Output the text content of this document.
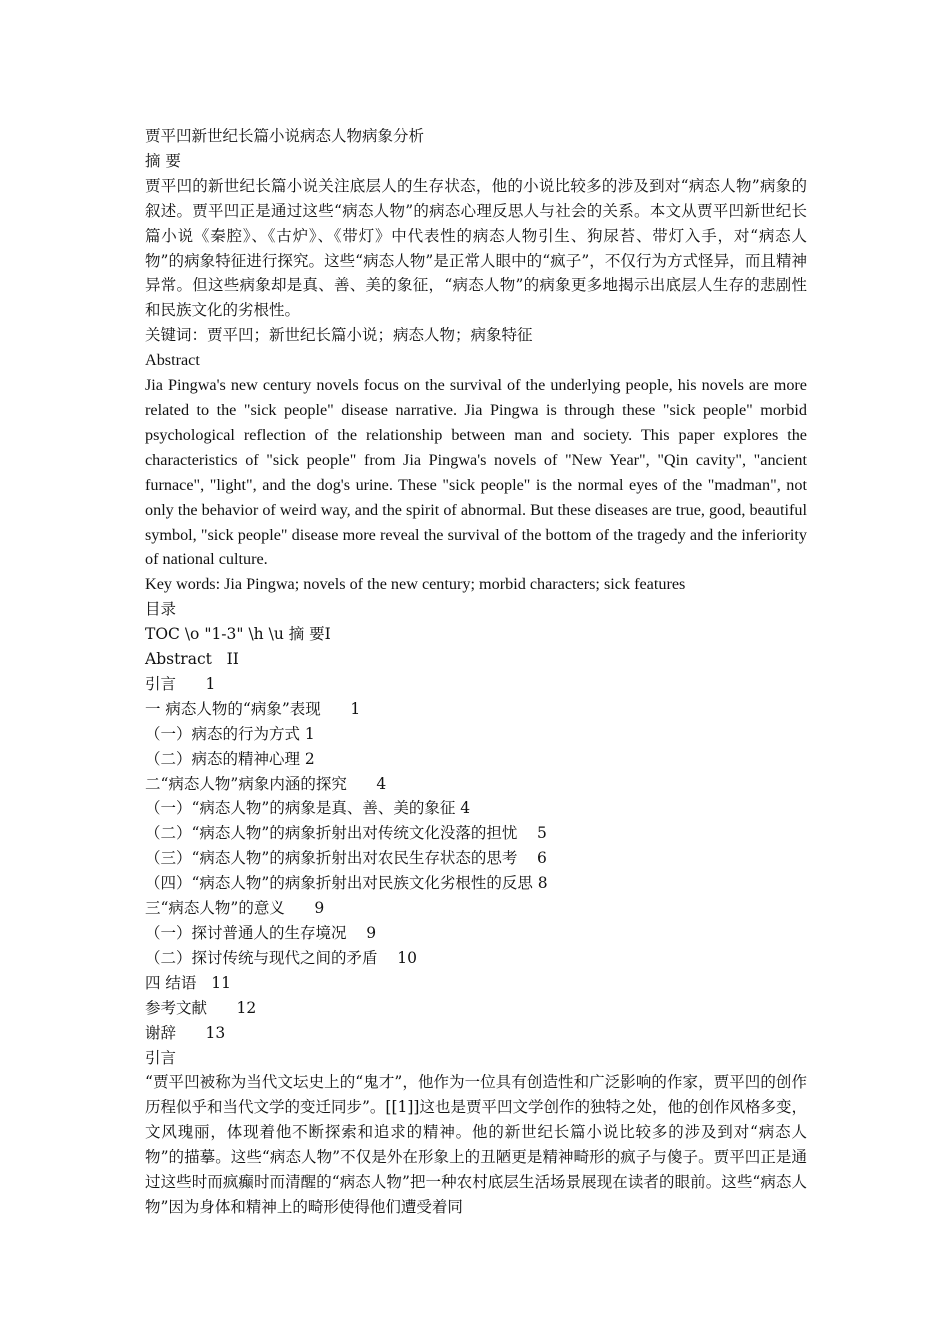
贾平凹新世纪长篇小说病态人物病象分析
摘 要
贾平凹的新世纪长篇小说关注底层人的生存状态，他的小说比较多的涉及到对“病态人物”病象的叙述。贾平凹正是通过这些“病态人物”的病态心理反思人与社会的关系。本文从贾平凹新世纪长篇小说《秦腔》、《古炉》、《带灯》中代表性的病态人物引生、狗尿苔、带灯入手，对“病态人物”的病象特征进行探究。这些“病态人物”是正常人眼中的“疯子”，不仅行为方式怪异，而且精神异常。但这些病象却是真、善、美的象征，“病态人物”的病象更多地揭示出底层人生存的悲剧性和民族文化的劣根性。
关键词：贾平凹；新世纪长篇小说；病态人物；病象特征
Abstract
Jia Pingwa's new century novels focus on the survival of the underlying people, his novels are more related to the "sick people" disease narrative. Jia Pingwa is through these "sick people" morbid psychological reflection of the relationship between man and society. This paper explores the characteristics of "sick people" from Jia Pingwa's novels of "New Year", "Qin cavity", "ancient furnace", "light", and the dog's urine. These "sick people" is the normal eyes of the "madman", not only the behavior of weird way, and the spirit of abnormal. But these diseases are true, good, beautiful symbol, "sick people" disease more reveal the survival of the bottom of the tragedy and the inferiority of national culture.
Key words: Jia Pingwa; novels of the new century; morbid characters; sick features
目录
TOC \o "1-3" \h \u 摘 要I
Abstract   II
引言      1
一 病态人物的“病象”表现      1
（一）病态的行为方式 1
（二）病态的精神心理 2
二“病态人物”病象内涵的探究      4
（一）“病态人物”的病象是真、善、美的象征 4
（二）“病态人物”的病象折射出对传统文化没落的担忧    5
（三）“病态人物”的病象折射出对农民生存状态的思考    6
（四）“病态人物”的病象折射出对民族文化劣根性的反思 8
三“病态人物”的意义      9
（一）探讨普通人的生存境况    9
（二）探讨传统与现代之间的矛盾    10
四 结语   11
参考文献      12
谢辞      13
引言
“贾平凹被称为当代文坛史上的“鬼才”，他作为一位具有创造性和广泛影响的作家，贾平凹的创作历程似乎和当代文学的变迁同步”。[[1]]这也是贾平凹文学创作的独特之处，他的创作风格多变，文风瑰丽，体现着他不断探索和追求的精神。他的新世纪长篇小说比较多的涉及到对“病态人物”的描摹。这些“病态人物”不仅是外在形象上的丑陋更是精神畸形的疯子与傻子。贾平凹正是通过这些时而疯癫时而清醒的“病态人物”把一种农村底层生活场景展现在读者的眼前。这些“病态人物”因为身体和精神上的畸形使得他们遭受着同
